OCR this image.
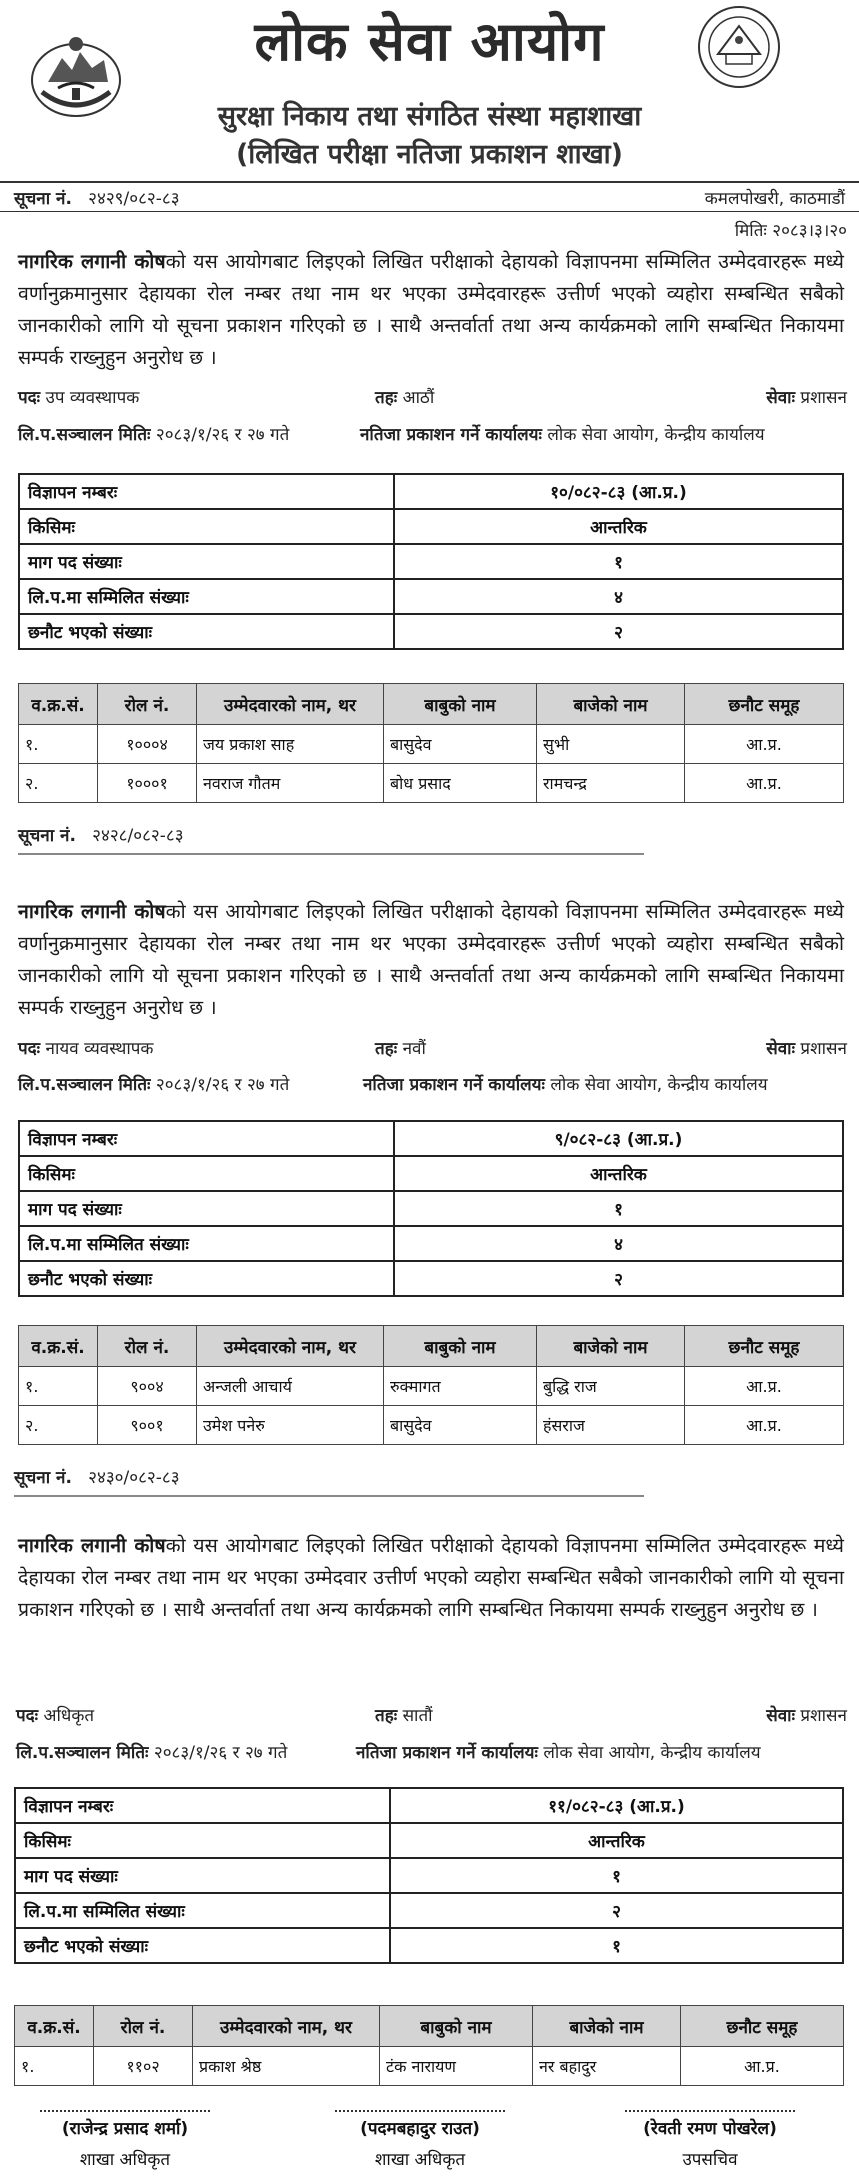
लोक सेवा आयोग
सुरक्षा निकाय तथा संगठित संस्था महाशाखा
(लिखित परीक्षा नतिजा प्रकाशन शाखा)
सूचना नं. २४२९/०८२-८३	कमलपोखरी, काठमाडौं
मितिः २०८३।३।२०
नागरिक लगानी कोषको यस आयोगबाट लिइएको लिखित परीक्षाको देहायको विज्ञापनमा सम्मिलित उम्मेदवारहरू मध्ये वर्णानुक्रमानुसार देहायका रोल नम्बर तथा नाम थर भएका उम्मेदवारहरू उत्तीर्ण भएको व्यहोरा सम्बन्धित सबैको जानकारीको लागि यो सूचना प्रकाशन गरिएको छ । साथै अन्तर्वार्ता तथा अन्य कार्यक्रमको लागि सम्बन्धित निकायमा सम्पर्क राख्नुहुन अनुरोध छ ।
पदः उप व्यवस्थापक	तहः आठौं	सेवाः प्रशासन
लि.प.सञ्चालन मितिः २०८३/१/२६ र २७ गते	नतिजा प्रकाशन गर्ने कार्यालयः लोक सेवा आयोग, केन्द्रीय कार्यालय
विज्ञापन नम्बरः	१०/०८२-८३ (आ.प्र.)
किसिमः	आन्तरिक
माग पद संख्याः	१
लि.प.मा सम्मिलित संख्याः	४
छनौट भएको संख्याः	२
व.क्र.सं.	रोल नं.	उम्मेदवारको नाम, थर	बाबुको नाम	बाजेको नाम	छनौट समूह
१.	१०००४	जय प्रकाश साह	बासुदेव	सुभी	आ.प्र.
२.	१०००१	नवराज गौतम	बोध प्रसाद	रामचन्द्र	आ.प्र.
सूचना नं. २४२८/०८२-८३
नागरिक लगानी कोषको यस आयोगबाट लिइएको लिखित परीक्षाको देहायको विज्ञापनमा सम्मिलित उम्मेदवारहरू मध्ये वर्णानुक्रमानुसार देहायका रोल नम्बर तथा नाम थर भएका उम्मेदवारहरू उत्तीर्ण भएको व्यहोरा सम्बन्धित सबैको जानकारीको लागि यो सूचना प्रकाशन गरिएको छ । साथै अन्तर्वार्ता तथा अन्य कार्यक्रमको लागि सम्बन्धित निकायमा सम्पर्क राख्नुहुन अनुरोध छ ।
पदः नायव व्यवस्थापक	तहः नवौं	सेवाः प्रशासन
लि.प.सञ्चालन मितिः २०८३/१/२६ र २७ गते	नतिजा प्रकाशन गर्ने कार्यालयः लोक सेवा आयोग, केन्द्रीय कार्यालय
विज्ञापन नम्बरः	९/०८२-८३ (आ.प्र.)
किसिमः	आन्तरिक
माग पद संख्याः	१
लि.प.मा सम्मिलित संख्याः	४
छनौट भएको संख्याः	२
व.क्र.सं.	रोल नं.	उम्मेदवारको नाम, थर	बाबुको नाम	बाजेको नाम	छनौट समूह
१.	९००४	अन्जली आचार्य	रुक्मागत	बुद्धि राज	आ.प्र.
२.	९००१	उमेश पनेरु	बासुदेव	हंसराज	आ.प्र.
सूचना नं. २४३०/०८२-८३
नागरिक लगानी कोषको यस आयोगबाट लिइएको लिखित परीक्षाको देहायको विज्ञापनमा सम्मिलित उम्मेदवारहरू मध्ये देहायका रोल नम्बर तथा नाम थर भएका उम्मेदवार उत्तीर्ण भएको व्यहोरा सम्बन्धित सबैको जानकारीको लागि यो सूचना प्रकाशन गरिएको छ । साथै अन्तर्वार्ता तथा अन्य कार्यक्रमको लागि सम्बन्धित निकायमा सम्पर्क राख्नुहुन अनुरोध छ ।
पदः अधिकृत	तहः सातौं	सेवाः प्रशासन
लि.प.सञ्चालन मितिः २०८३/१/२६ र २७ गते	नतिजा प्रकाशन गर्ने कार्यालयः लोक सेवा आयोग, केन्द्रीय कार्यालय
विज्ञापन नम्बरः	११/०८२-८३ (आ.प्र.)
किसिमः	आन्तरिक
माग पद संख्याः	१
लि.प.मा सम्मिलित संख्याः	२
छनौट भएको संख्याः	१
व.क्र.सं.	रोल नं.	उम्मेदवारको नाम, थर	बाबुको नाम	बाजेको नाम	छनौट समूह
१.	११०२	प्रकाश श्रेष्ठ	टंक नारायण	नर बहादुर	आ.प्र.
(राजेन्द्र प्रसाद शर्मा)
शाखा अधिकृत
(पदमबहादुर राउत)
शाखा अधिकृत
(रेवती रमण पोखरेल)
उपसचिव
